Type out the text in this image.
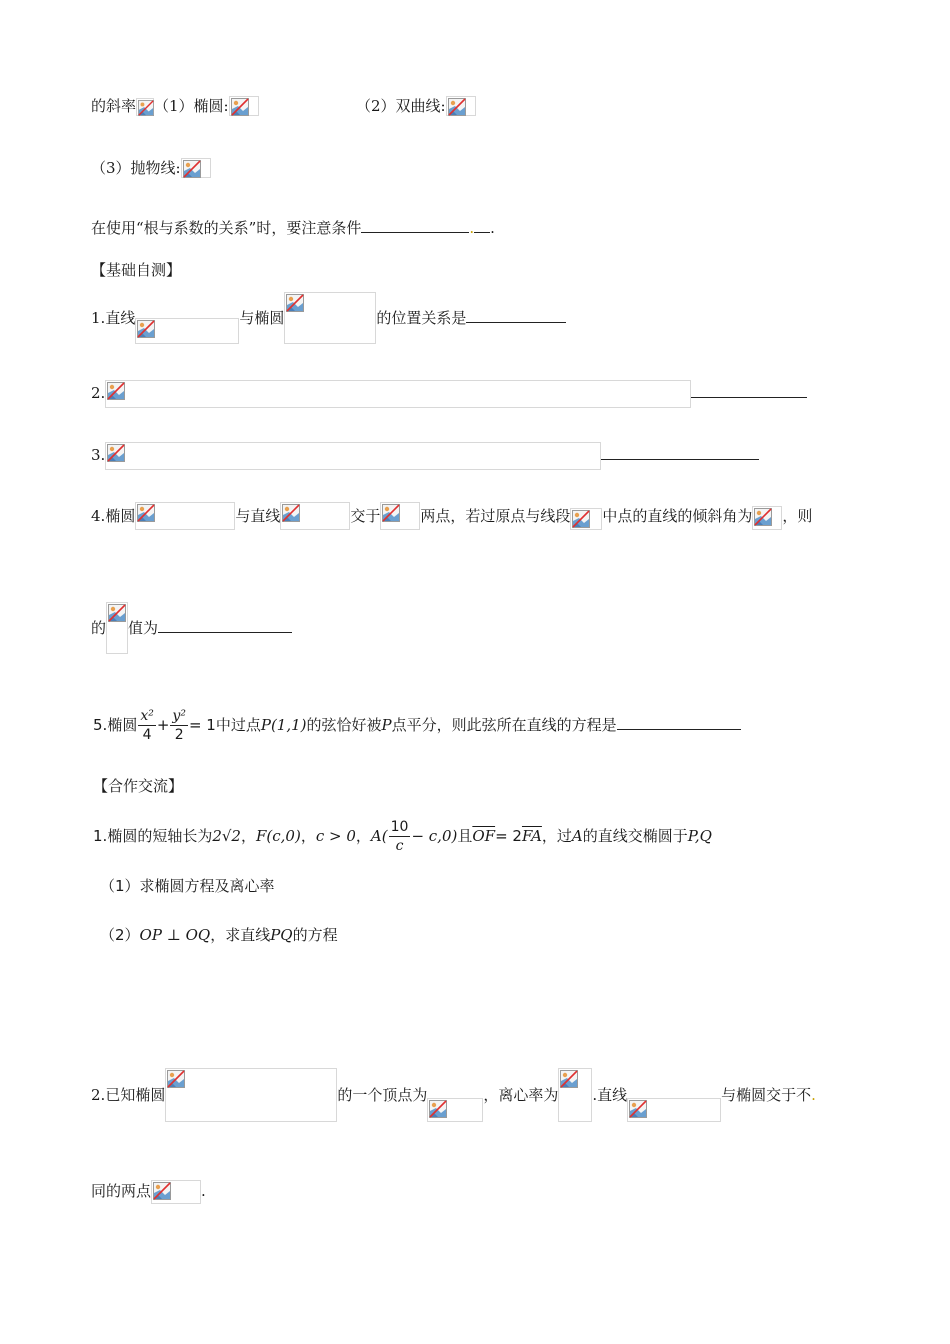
的斜率 （1）椭圆:	（2）双曲线:
（3）抛物线:
在使用“根与系数的关系”时，要注意条件	. .
【基础自测】
1.直线	与椭圆	的位置关系是
2.
3.
4.椭圆	与直线	交于	两点，若过原点与线段 中点的直线的倾斜角为 ，则
的 值为
5.椭圆 $\frac{\text{x²}}{4} + \frac{\text{y²}}{2} = 1$中过点P(1,1)的弦恰好被P点平分，则此弦所在直线的方程是
【合作交流】
1.椭圆的短轴长为2√2，F(c,0)，c > 0，$A( \frac{10}{c} - c,0)$且$\overline{OF}= 2\overline{FA}$，过A的直线交椭圆于P,Q
（1）求椭圆方程及离心率
（2）OP ⊥ OQ，求直线PQ的方程
2.已知椭圆	的一个顶点为	，离心率为 .直线	与椭圆交于不.
同的两点	.
